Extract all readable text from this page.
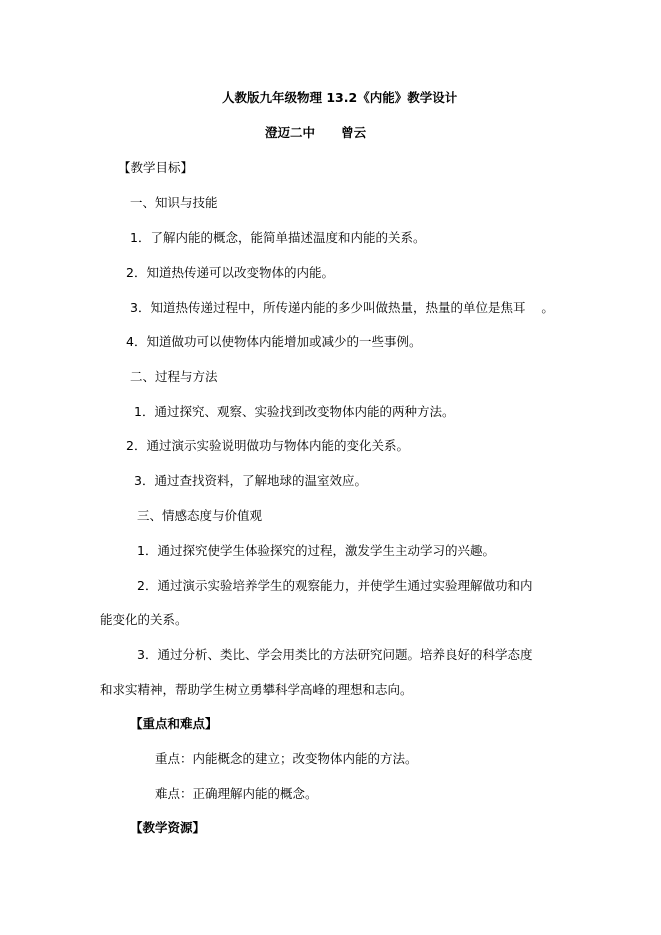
人教版九年级物理 13.2《内能》教学设计
澄迈二中      曾云
【教学目标】
一、知识与技能
1．了解内能的概念，能简单描述温度和内能的关系。
2．知道热传递可以改变物体的内能。
3．知道热传递过程中，所传递内能的多少叫做热量，热量的单位是焦耳    。
4．知道做功可以使物体内能增加或减少的一些事例。
二、过程与方法
1．通过探究、观察、实验找到改变物体内能的两种方法。
2．通过演示实验说明做功与物体内能的变化关系。
3．通过查找资料，了解地球的温室效应。
三、情感态度与价值观
1．通过探究使学生体验探究的过程，激发学生主动学习的兴趣。
2．通过演示实验培养学生的观察能力，并使学生通过实验理解做功和内
能变化的关系。
3．通过分析、类比、学会用类比的方法研究问题。培养良好的科学态度
和求实精神，帮助学生树立勇攀科学高峰的理想和志向。
【重点和难点】
重点：内能概念的建立；改变物体内能的方法。
难点：正确理解内能的概念。
【教学资源】
